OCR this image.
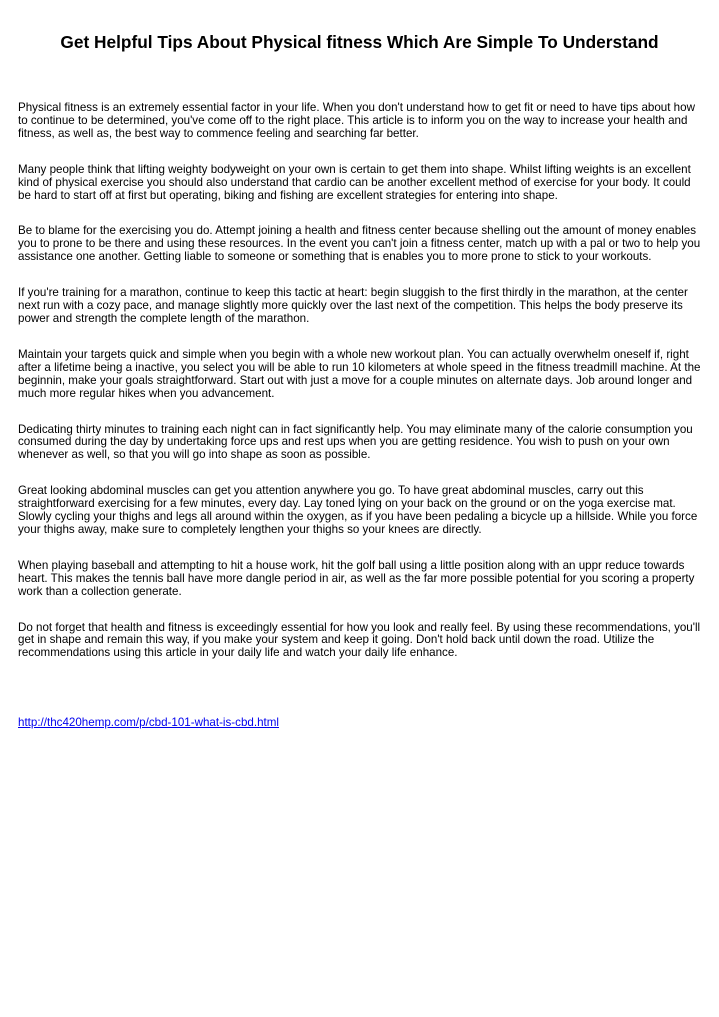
Get Helpful Tips About Physical fitness Which Are Simple To Understand

Physical fitness is an extremely essential factor in your life. When you don't understand how to get fit or need to have tips about how to continue to be determined, you've come off to the right place. This article is to inform you on the way to increase your health and fitness, as well as, the best way to commence feeling and searching far better.

Many people think that lifting weighty bodyweight on your own is certain to get them into shape. Whilst lifting weights is an excellent kind of physical exercise you should also understand that cardio can be another excellent method of exercise for your body. It could be hard to start off at first but operating, biking and fishing are excellent strategies for entering into shape.

Be to blame for the exercising you do. Attempt joining a health and fitness center because shelling out the amount of money enables you to prone to be there and using these resources. In the event you can't join a fitness center, match up with a pal or two to help you assistance one another. Getting liable to someone or something that is enables you to more prone to stick to your workouts.

If you're training for a marathon, continue to keep this tactic at heart: begin sluggish to the first thirdly in the marathon, at the center next run with a cozy pace, and manage slightly more quickly over the last next of the competition. This helps the body preserve its power and strength the complete length of the marathon.

Maintain your targets quick and simple when you begin with a whole new workout plan. You can actually overwhelm oneself if, right after a lifetime being a inactive, you select you will be able to run 10 kilometers at whole speed in the fitness treadmill machine. At the beginnin, make your goals straightforward. Start out with just a move for a couple minutes on alternate days. Job around longer and much more regular hikes when you advancement.

Dedicating thirty minutes to training each night can in fact significantly help. You may eliminate many of the calorie consumption you consumed during the day by undertaking force ups and rest ups when you are getting residence. You wish to push on your own whenever as well, so that you will go into shape as soon as possible.

Great looking abdominal muscles can get you attention anywhere you go. To have great abdominal muscles, carry out this straightforward exercising for a few minutes, every day. Lay toned lying on your back on the ground or on the yoga exercise mat. Slowly cycling your thighs and legs all around within the oxygen, as if you have been pedaling a bicycle up a hillside. While you force your thighs away, make sure to completely lengthen your thighs so your knees are directly.

When playing baseball and attempting to hit a house work, hit the golf ball using a little position along with an uppr reduce towards heart. This makes the tennis ball have more dangle period in air, as well as the far more possible potential for you scoring a property work than a collection generate.

Do not forget that health and fitness is exceedingly essential for how you look and really feel. By using these recommendations, you'll get in shape and remain this way, if you make your system and keep it going. Don't hold back until down the road. Utilize the recommendations using this article in your daily life and watch your daily life enhance.

http://thc420hemp.com/p/cbd-101-what-is-cbd.html
